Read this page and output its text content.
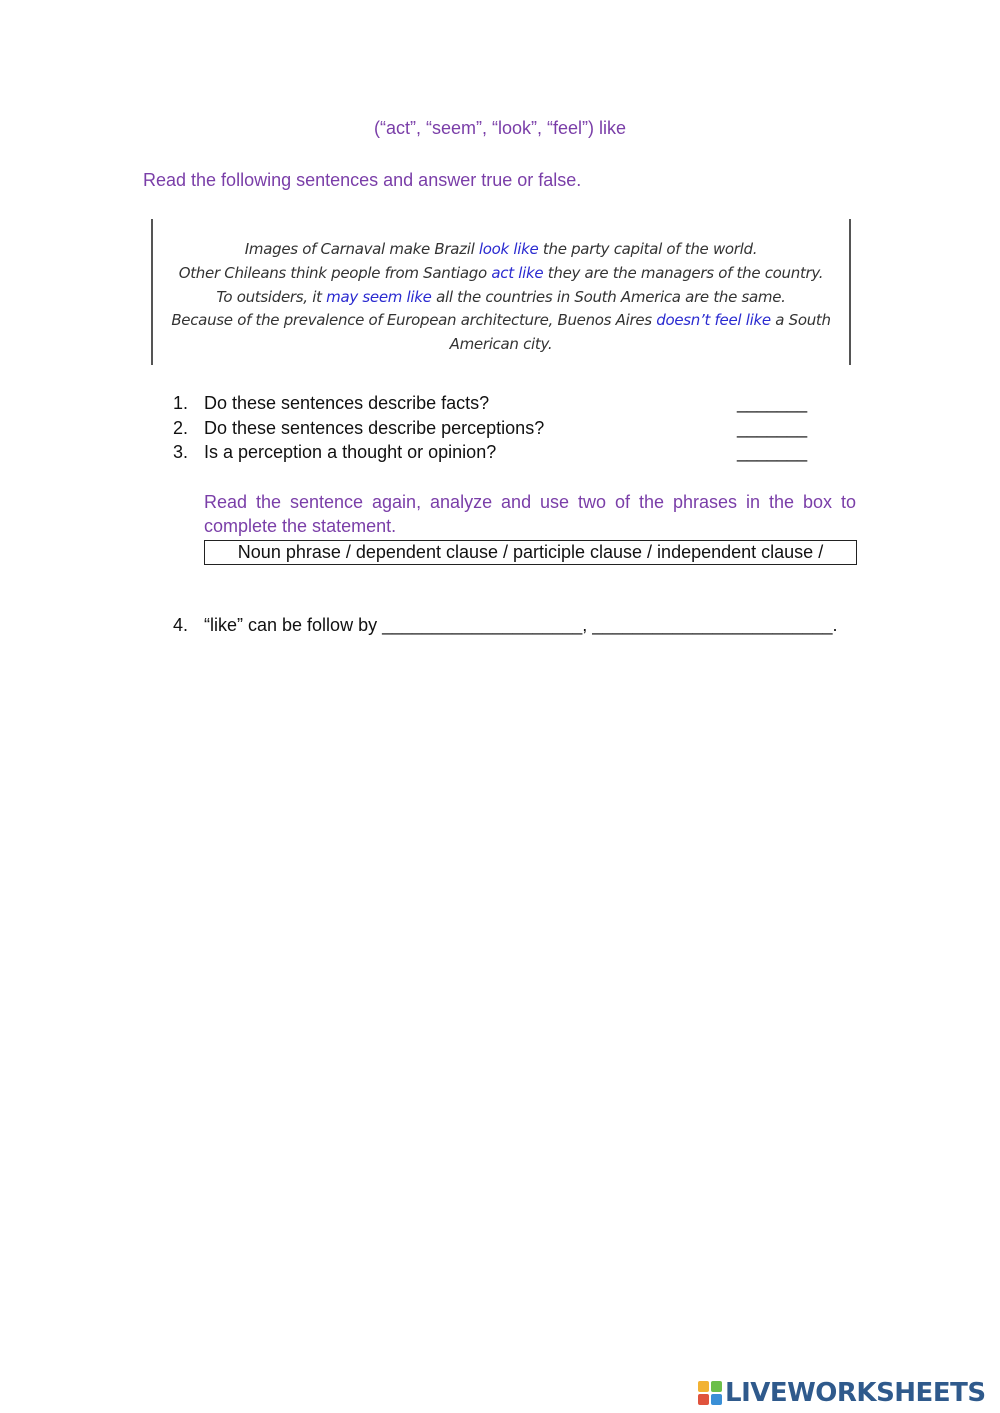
(“act”, “seem”, “look”, “feel”) like
Read the following sentences and answer true or false.
Images of Carnaval make Brazil look like the party capital of the world.
Other Chileans think people from Santiago act like they are the managers of the country.
To outsiders, it may seem like all the countries in South America are the same.
Because of the prevalence of European architecture, Buenos Aires doesn’t feel like a South
American city.
1. Do these sentences describe facts?	_______
2. Do these sentences describe perceptions?	_______
3. Is a perception a thought or opinion?	_______
Read the sentence again, analyze and use two of the phrases in the box to complete the statement.
Noun phrase / dependent clause / participle clause / independent clause /
4. “like” can be follow by ____________________, ________________________.
LIVEWORKSHEETS
